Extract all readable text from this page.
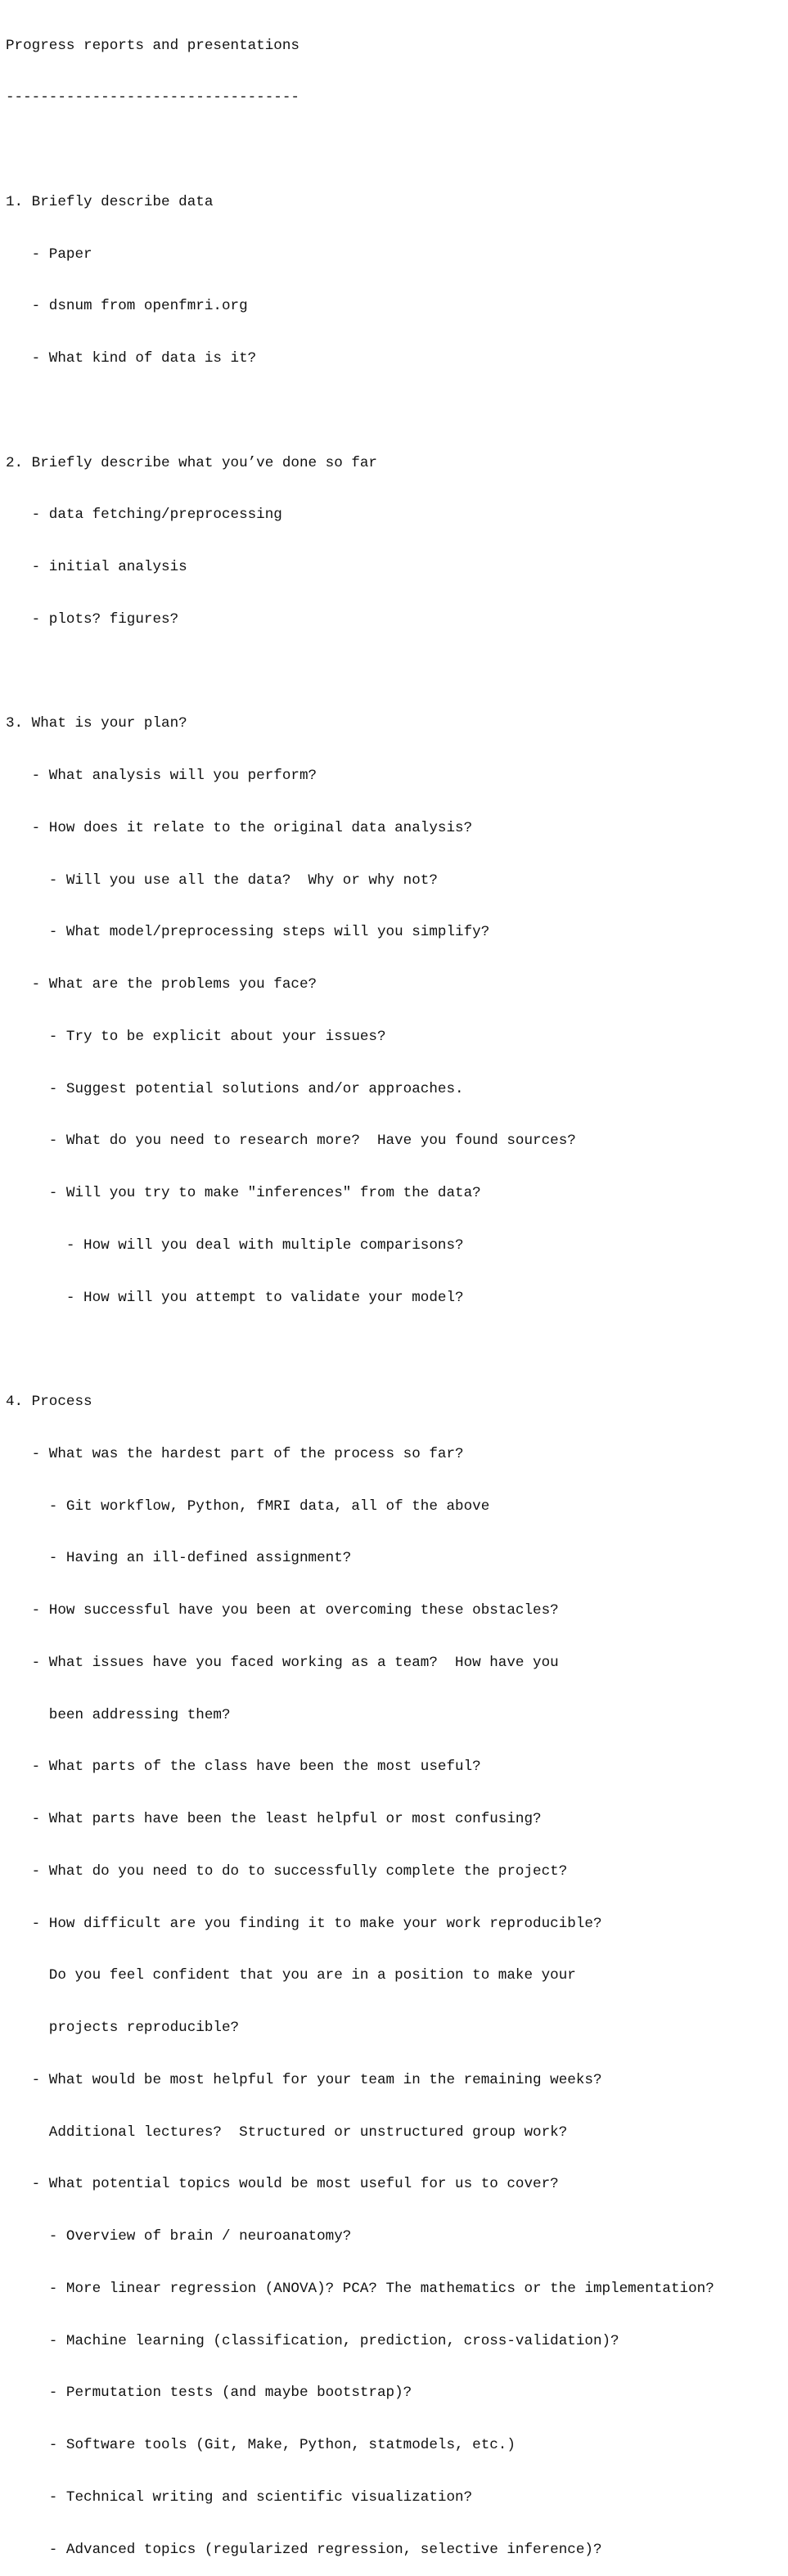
Progress reports and presentations

----------------------------------

1. Briefly describe data

- Paper

- dsnum from openfmri.org

- What kind of data is it?

2. Briefly describe what you’ve done so far

- data fetching/preprocessing

- initial analysis

- plots? figures?

3. What is your plan?

- What analysis will you perform?

- How does it relate to the original data analysis?

- Will you use all the data?  Why or why not?

- What model/preprocessing steps will you simplify?

- What are the problems you face?

- Try to be explicit about your issues?

- Suggest potential solutions and/or approaches.

- What do you need to research more?  Have you found sources?

- Will you try to make "inferences" from the data?

- How will you deal with multiple comparisons?

- How will you attempt to validate your model?

4. Process

- What was the hardest part of the process so far?

- Git workflow, Python, fMRI data, all of the above

- Having an ill-defined assignment?

- How successful have you been at overcoming these obstacles?

- What issues have you faced working as a team?  How have you

been addressing them?

- What parts of the class have been the most useful?

- What parts have been the least helpful or most confusing?

- What do you need to do to successfully complete the project?

- How difficult are you finding it to make your work reproducible?

Do you feel confident that you are in a position to make your

projects reproducible?

- What would be most helpful for your team in the remaining weeks?

Additional lectures?  Structured or unstructured group work?

- What potential topics would be most useful for us to cover?

- Overview of brain / neuroanatomy?

- More linear regression (ANOVA)? PCA? The mathematics or the implementation?

- Machine learning (classification, prediction, cross-validation)?

- Permutation tests (and maybe bootstrap)?

- Software tools (Git, Make, Python, statmodels, etc.)

- Technical writing and scientific visualization?

- Advanced topics (regularized regression, selective inference)?
